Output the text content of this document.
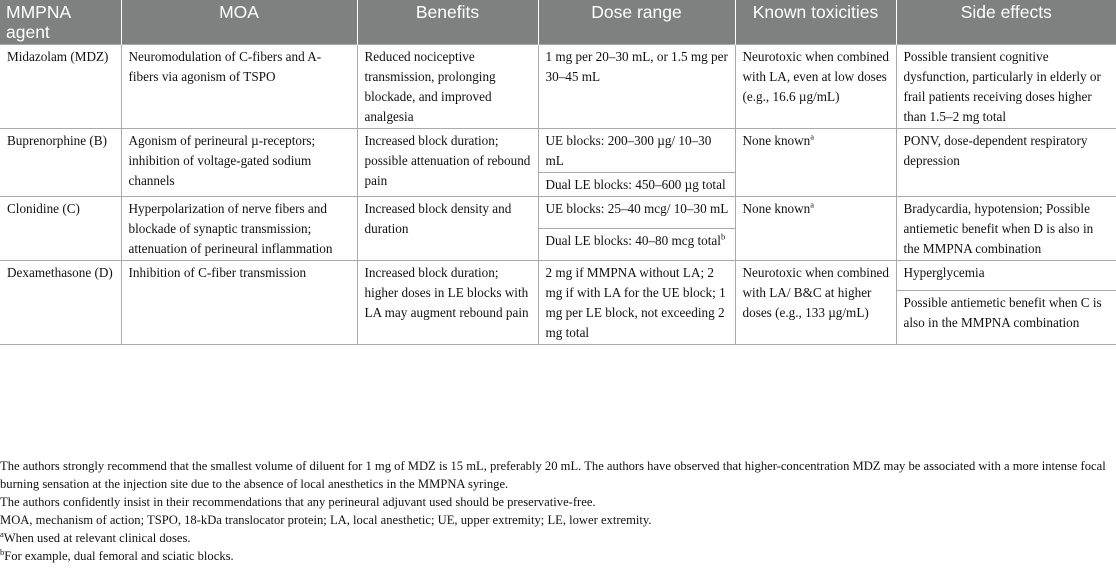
MMPNA agent	MOA	Benefits	Dose range	Known toxicities	Side effects
Midazolam (MDZ)	Neuromodulation of C-fibers and A-fibers via agonism of TSPO	Reduced nociceptive transmission, prolonging blockade, and improved analgesia	1 mg per 20–30 mL, or 1.5 mg per 30–45 mL	Neurotoxic when combined with LA, even at low doses (e.g., 16.6 µg/mL)	Possible transient cognitive dysfunction, particularly in elderly or frail patients receiving doses higher than 1.5–2 mg total
Buprenorphine (B)	Agonism of perineural µ-receptors; inhibition of voltage-gated sodium channels	Increased block duration; possible attenuation of rebound pain	UE blocks: 200–300 µg/ 10–30 mL	None known$^a$	PONV, dose-dependent respiratory depression
			Dual LE blocks: 450–600 µg total		
Clonidine (C)	Hyperpolarization of nerve fibers and blockade of synaptic transmission; attenuation of perineural inflammation	Increased block density and duration	UE blocks: 25–40 mcg/ 10–30 mL	None known$^a$	Bradycardia, hypotension; Possible antiemetic benefit when D is also in the MMPNA combination
			Dual LE blocks: 40–80 mcg total$^b$
Dexamethasone (D)	Inhibition of C-fiber transmission	Increased block duration; higher doses in LE blocks with LA may augment rebound pain	2 mg if MMPNA without LA; 2 mg if with LA for the UE block; 1 mg per LE block, not exceeding 2 mg total	Neurotoxic when combined with LA/ B&C at higher doses (e.g., 133 µg/mL)	Hyperglycemia
					Possible antiemetic benefit when C is also in the MMPNA combination

The authors strongly recommend that the smallest volume of diluent for 1 mg of MDZ is 15 mL, preferably 20 mL. The authors have observed that higher-concentration MDZ may be associated with a more intense focal burning sensation at the injection site due to the absence of local anesthetics in the MMPNA syringe.

The authors confidently insist in their recommendations that any perineural adjuvant used should be preservative-free.

MOA, mechanism of action; TSPO, 18-kDa translocator protein; LA, local anesthetic; UE, upper extremity; LE, lower extremity.

$^a$When used at relevant clinical doses.

$^b$For example, dual femoral and sciatic blocks.
